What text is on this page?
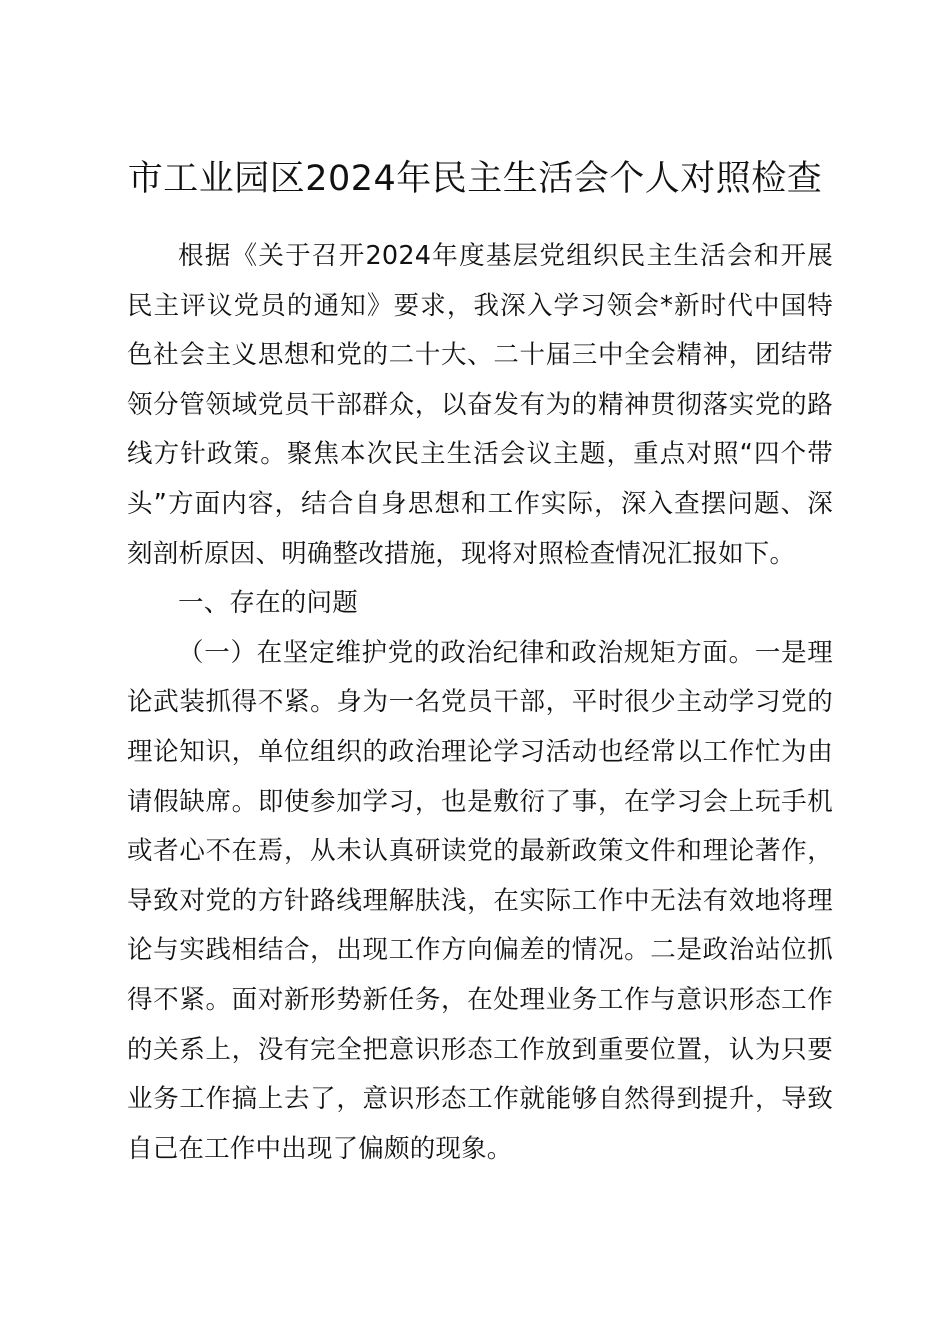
市工业园区2024年民主生活会个人对照检查

根据《关于召开2024年度基层党组织民主生活会和开展民主评议党员的通知》要求，我深入学习领会*新时代中国特色社会主义思想和党的二十大、二十届三中全会精神，团结带领分管领域党员干部群众，以奋发有为的精神贯彻落实党的路线方针政策。聚焦本次民主生活会议主题，重点对照“四个带头”方面内容，结合自身思想和工作实际，深入查摆问题、深刻剖析原因、明确整改措施，现将对照检查情况汇报如下。

一、存在的问题

（一）在坚定维护党的政治纪律和政治规矩方面。一是理论武装抓得不紧。身为一名党员干部，平时很少主动学习党的理论知识，单位组织的政治理论学习活动也经常以工作忙为由请假缺席。即使参加学习，也是敷衍了事，在学习会上玩手机或者心不在焉，从未认真研读党的最新政策文件和理论著作，导致对党的方针路线理解肤浅，在实际工作中无法有效地将理论与实践相结合，出现工作方向偏差的情况。二是政治站位抓得不紧。面对新形势新任务，在处理业务工作与意识形态工作的关系上，没有完全把意识形态工作放到重要位置，认为只要业务工作搞上去了，意识形态工作就能够自然得到提升，导致自己在工作中出现了偏颇的现象。
